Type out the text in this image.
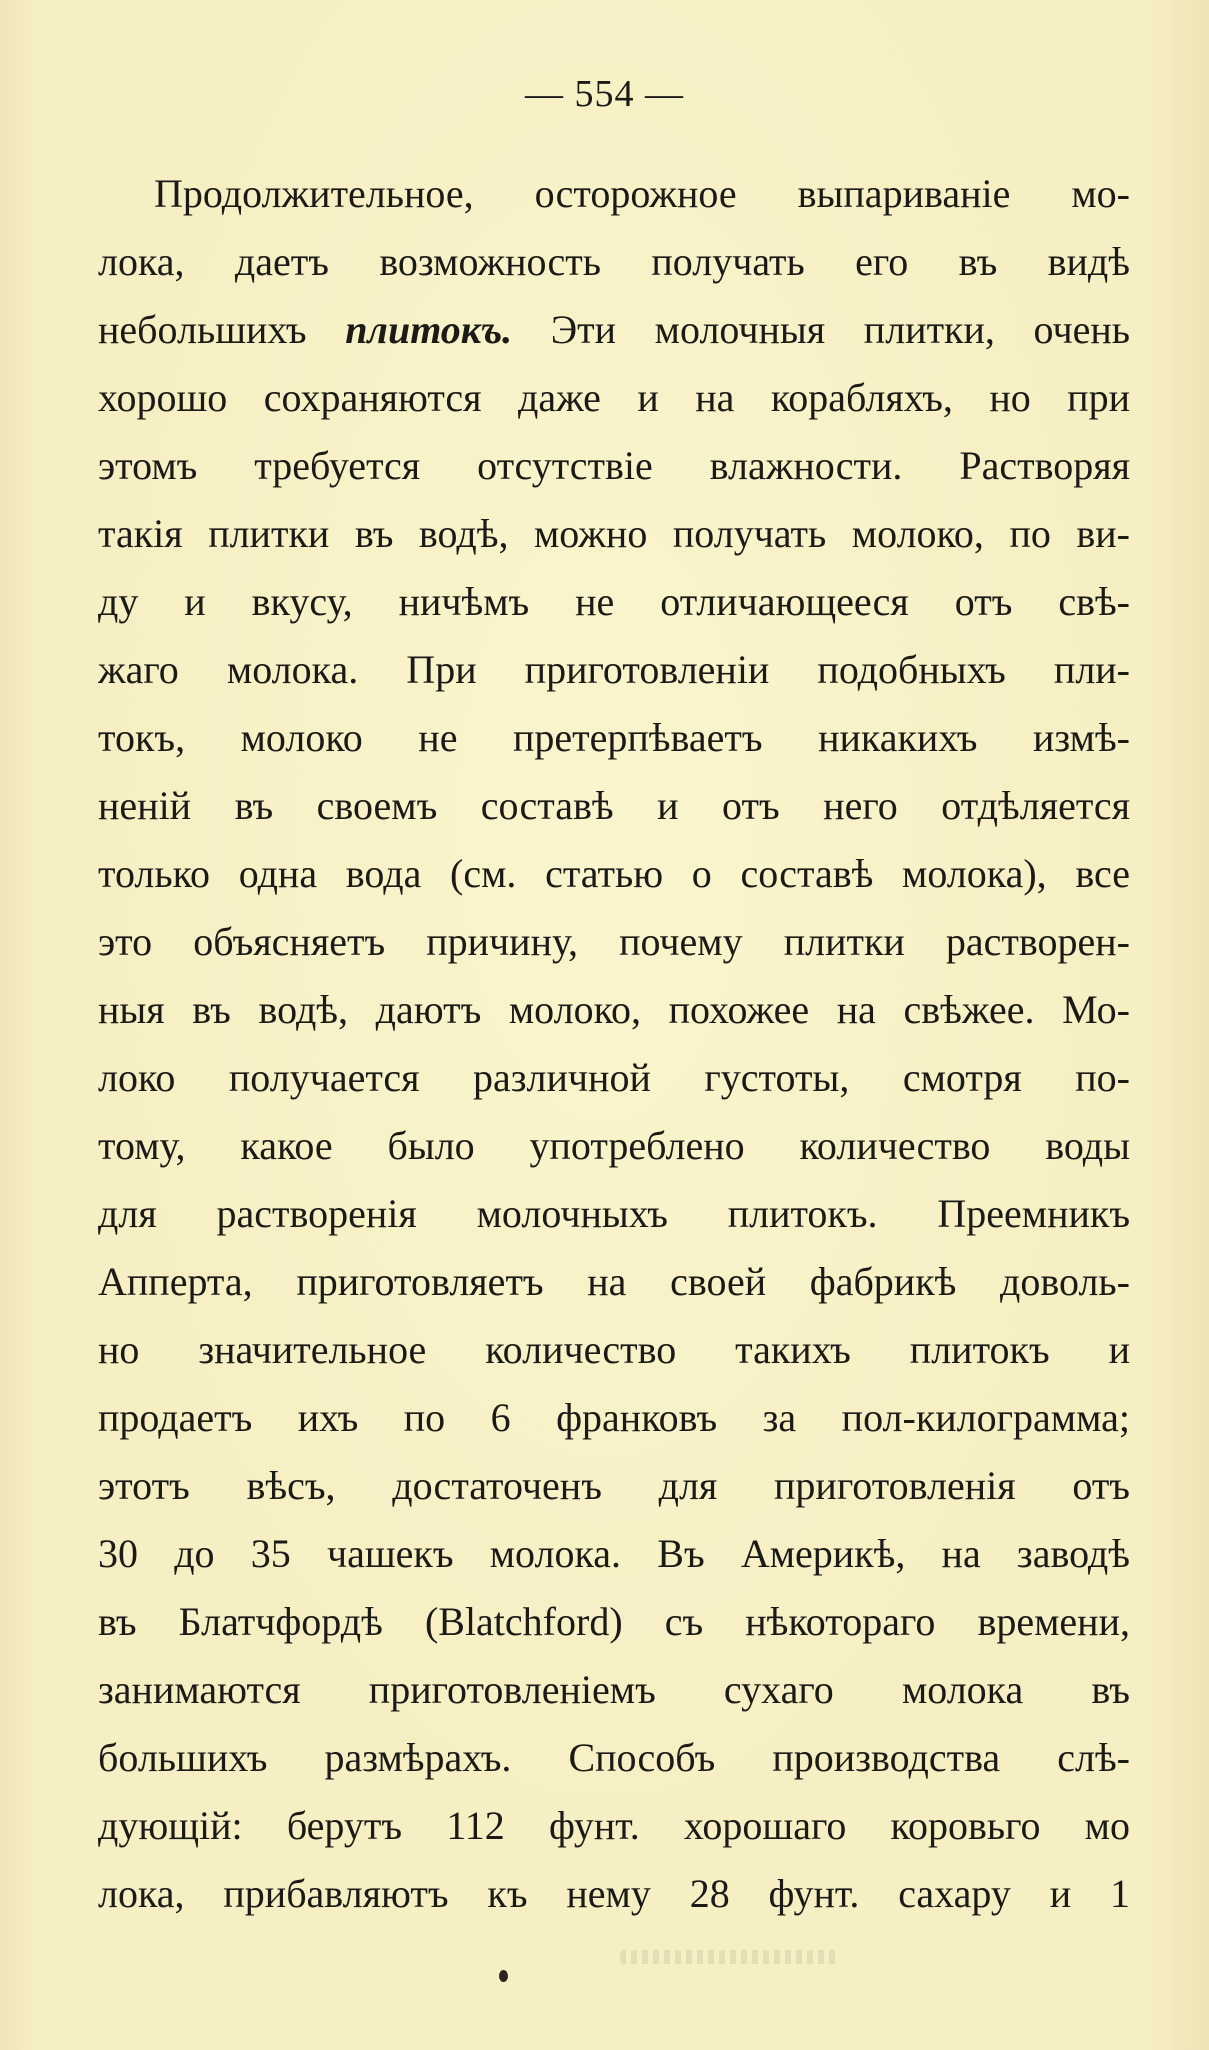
— 554 —
Продолжительное, осторожное выпариваніе мо-
лока, даетъ возможность получать его въ видѣ
небольшихъ плитокъ. Эти молочныя плитки, очень
хорошо сохраняются даже и на корабляхъ, но при
этомъ требуется отсутствіе влажности. Растворяя
такія плитки въ водѣ, можно получать молоко, по ви-
ду и вкусу, ничѣмъ не отличающееся отъ свѣ-
жаго молока. При приготовленіи подобныхъ пли-
токъ, молоко не претерпѣваетъ никакихъ измѣ-
неній въ своемъ составѣ и отъ него отдѣляется
только одна вода (см. статью о составѣ молока), все
это объясняетъ причину, почему плитки растворен-
ныя въ водѣ, даютъ молоко, похожее на свѣжее. Мо-
локо получается различной густоты, смотря по-
тому, какое было употреблено количество воды
для растворенія молочныхъ плитокъ. Преемникъ
Апперта, приготовляетъ на своей фабрикѣ доволь-
но значительное количество такихъ плитокъ и
продаетъ ихъ по 6 франковъ за пол-килограмма;
этотъ вѣсъ, достаточенъ для приготовленія отъ
30 до 35 чашекъ молока. Въ Америкѣ, на заводѣ
въ Блатчфордѣ (Blatchford) съ нѣкотораго времени,
занимаются приготовленіемъ сухаго молока въ
большихъ размѣрахъ. Способъ производства слѣ-
дующій: берутъ 112 фунт. хорошаго коровьго мо
лока, прибавляютъ къ нему 28 фунт. сахару и 1
